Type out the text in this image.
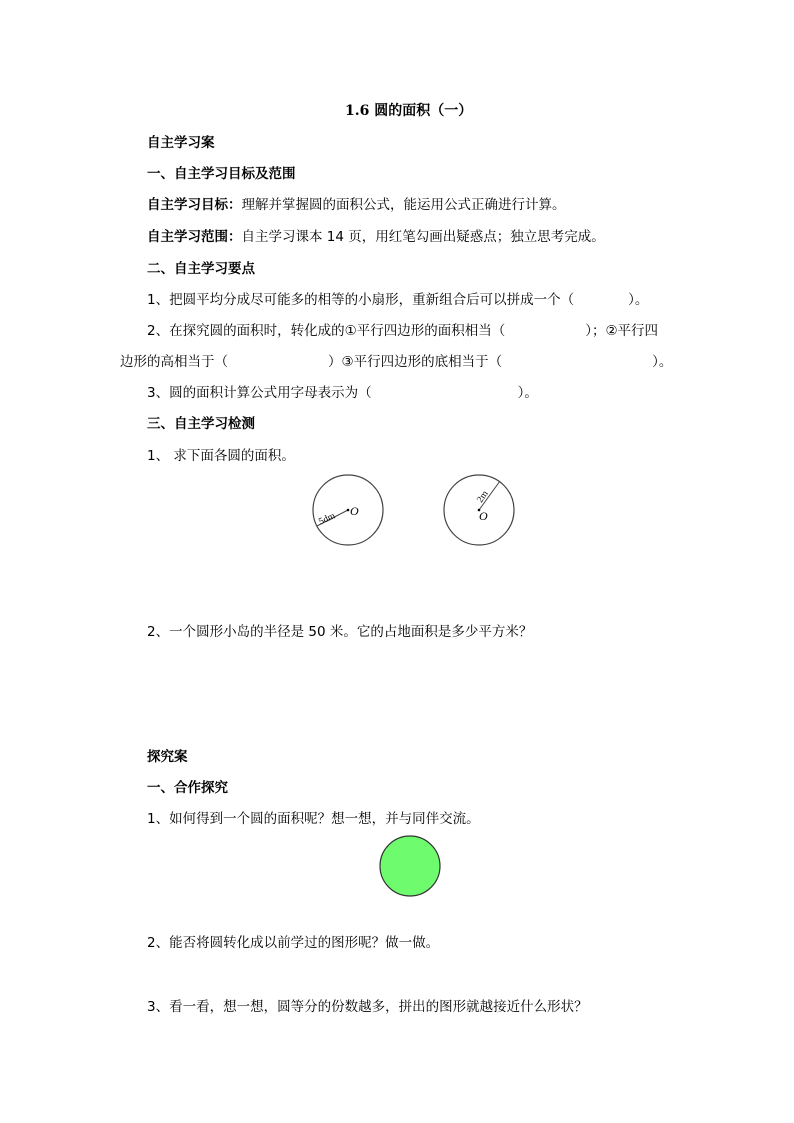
1.6 圆的面积（一）
自主学习案
一、自主学习目标及范围
自主学习目标：理解并掌握圆的面积公式，能运用公式正确进行计算。
自主学习范围：自主学习课本 14 页，用红笔勾画出疑惑点；独立思考完成。
二、自主学习要点
1、把圆平均分成尽可能多的相等的小扇形，重新组合后可以拼成一个（	）。
2、在探究圆的面积时，转化成的①平行四边形的面积相当（	）；②平行四
边形的高相当于（	）③平行四边形的底相当于（	）。
3、圆的面积计算公式用字母表示为（	）。
三、自主学习检测
1、 求下面各圆的面积。
5dm
O
2m
O
2、一个圆形小岛的半径是 50 米。它的占地面积是多少平方米？
探究案
一、合作探究
1、如何得到一个圆的面积呢？想一想，并与同伴交流。
2、能否将圆转化成以前学过的图形呢？做一做。
3、看一看，想一想，圆等分的份数越多，拼出的图形就越接近什么形状？
